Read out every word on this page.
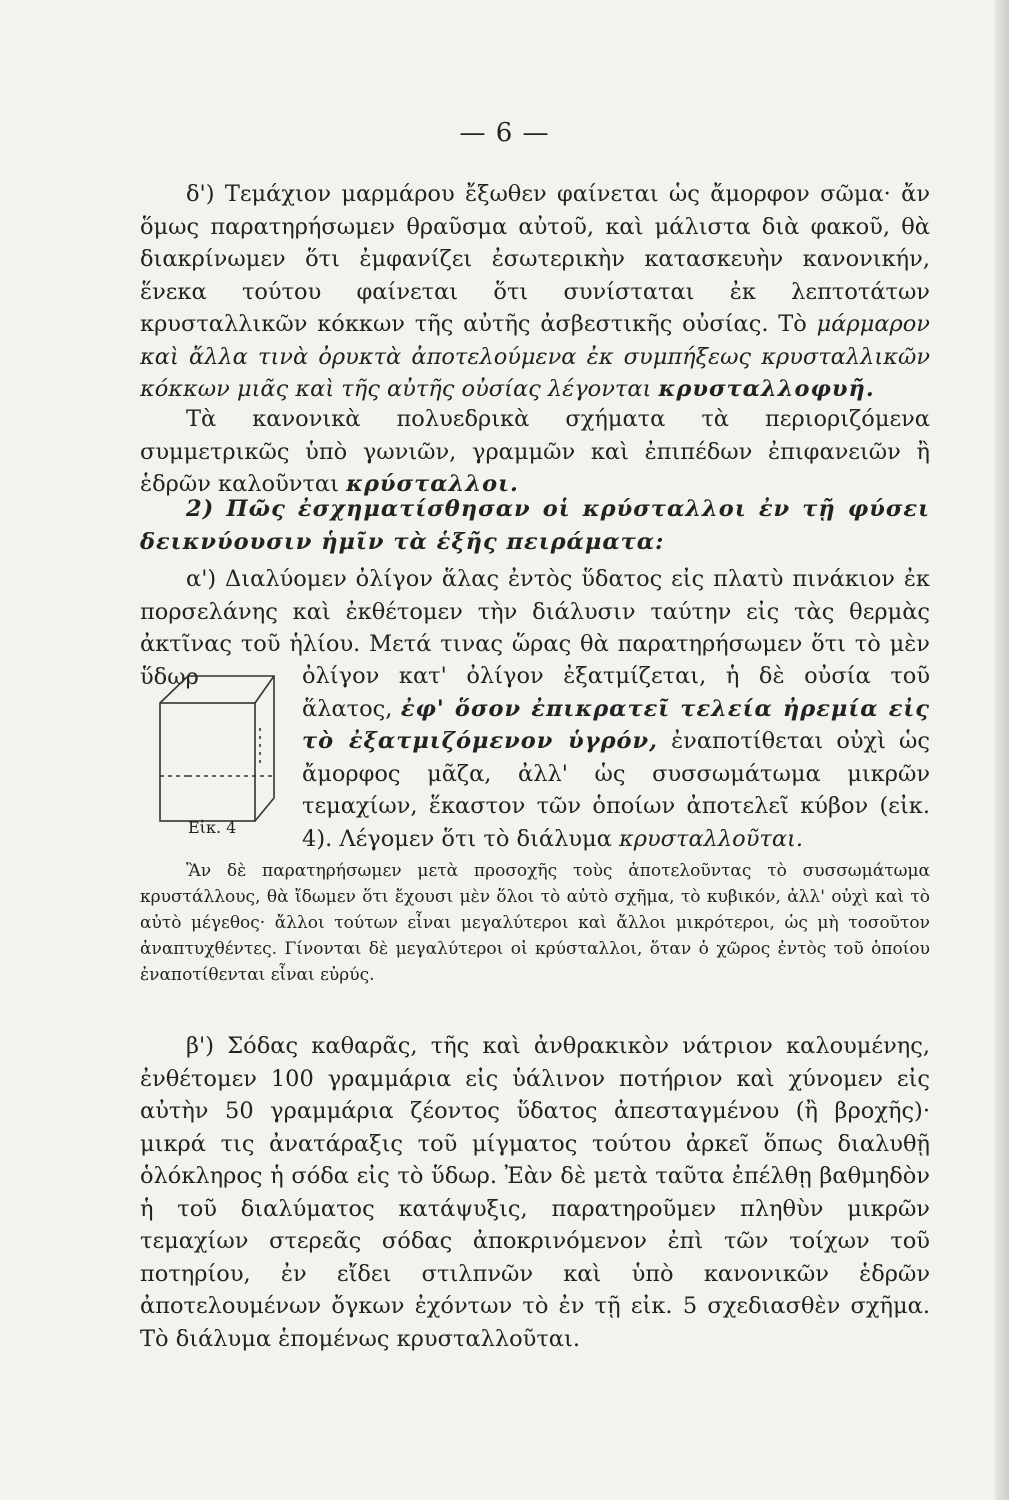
— 6 —
δ') Τεμάχιον μαρμάρου ἔξωθεν φαίνεται ὡς ἄμορφον σῶμα· ἄν ὅμως παρατηρήσωμεν θραῦσμα αὐτοῦ, καὶ μάλιστα διὰ φακοῦ, θὰ διακρίνωμεν ὅτι ἐμφανίζει ἐσωτερικὴν κατασκευὴν κανονικήν, ἕνεκα τούτου φαίνεται ὅτι συνίσταται ἐκ λεπτοτάτων κρυσταλλικῶν κόκκων τῆς αὐτῆς ἀσβεστικῆς οὐσίας. Τὸ μάρμαρον καὶ ἄλλα τινὰ ὀρυκτὰ ἀποτελούμενα ἐκ συμπήξεως κρυσταλλικῶν κόκκων μιᾶς καὶ τῆς αὐτῆς οὐσίας λέγονται κρυσταλλοφυῆ.
Τὰ κανονικὰ πολυεδρικὰ σχήματα τὰ περιοριζόμενα συμμετρικῶς ὑπὸ γωνιῶν, γραμμῶν καὶ ἐπιπέδων ἐπιφανειῶν ἢ ἑδρῶν καλοῦνται κρύσταλλοι.
2) Πῶς ἐσχηματίσθησαν οἱ κρύσταλλοι ἐν τῇ φύσει δεικνύουσιν ἡμῖν τὰ ἑξῆς πειράματα:
α') Διαλύομεν ὀλίγον ἅλας ἐντὸς ὕδατος εἰς πλατὺ πινάκιον ἐκ πορσελάνης καὶ ἐκθέτομεν τὴν διάλυσιν ταύτην εἰς τὰς θερμὰς ἀκτῖνας τοῦ ἡλίου. Μετά τινας ὥρας θὰ παρατηρήσωμεν ὅτι τὸ μὲν ὕδωρ
Εἰκ. 4
ὀλίγον κατ' ὀλίγον ἐξατμίζεται, ἡ δὲ οὐσία τοῦ ἅλατος, ἐφ' ὅσον ἐπικρατεῖ τελεία ἠρεμία εἰς τὸ ἐξατμιζόμενον ὑγρόν, ἐναποτίθεται οὐχὶ ὡς ἄμορφος μᾶζα, ἀλλ' ὡς συσσωμάτωμα μικρῶν τεμαχίων, ἕκαστον τῶν ὁποίων ἀποτελεῖ κύβον (εἰκ. 4). Λέγομεν ὅτι τὸ διάλυμα κρυσταλλοῦται.
Ἂν δὲ παρατηρήσωμεν μετὰ προσοχῆς τοὺς ἀποτελοῦντας τὸ συσσωμάτωμα κρυστάλλους, θὰ ἴδωμεν ὅτι ἔχουσι μὲν ὅλοι τὸ αὐτὸ σχῆμα, τὸ κυβικόν, ἀλλ' οὐχὶ καὶ τὸ αὐτὸ μέγεθος· ἄλλοι τούτων εἶναι μεγαλύτεροι καὶ ἄλλοι μικρότεροι, ὡς μὴ τοσοῦτον ἀναπτυχθέντες. Γίνονται δὲ μεγαλύτεροι οἱ κρύσταλλοι, ὅταν ὁ χῶρος ἐντὸς τοῦ ὁποίου ἐναποτίθενται εἶναι εὐρύς.
β') Σόδας καθαρᾶς, τῆς καὶ ἀνθρακικὸν νάτριον καλουμένης, ἐνθέτομεν 100 γραμμάρια εἰς ὑάλινον ποτήριον καὶ χύνομεν εἰς αὐτὴν 50 γραμμάρια ζέοντος ὕδατος ἀπεσταγμένου (ἢ βροχῆς)· μικρά τις ἀνατάραξις τοῦ μίγματος τούτου ἀρκεῖ ὅπως διαλυθῇ ὁλόκληρος ἡ σόδα εἰς τὸ ὕδωρ. Ἐὰν δὲ μετὰ ταῦτα ἐπέλθῃ βαθμηδὸν ἡ τοῦ διαλύματος κατάψυξις, παρατηροῦμεν πληθὺν μικρῶν τεμαχίων στερεᾶς σόδας ἀποκρινόμενον ἐπὶ τῶν τοίχων τοῦ ποτηρίου, ἐν εἴδει στιλπνῶν καὶ ὑπὸ κανονικῶν ἑδρῶν ἀποτελουμένων ὄγκων ἐχόντων τὸ ἐν τῇ εἰκ. 5 σχεδιασθὲν σχῆμα. Τὸ διάλυμα ἑπομένως κρυσταλλοῦται.
